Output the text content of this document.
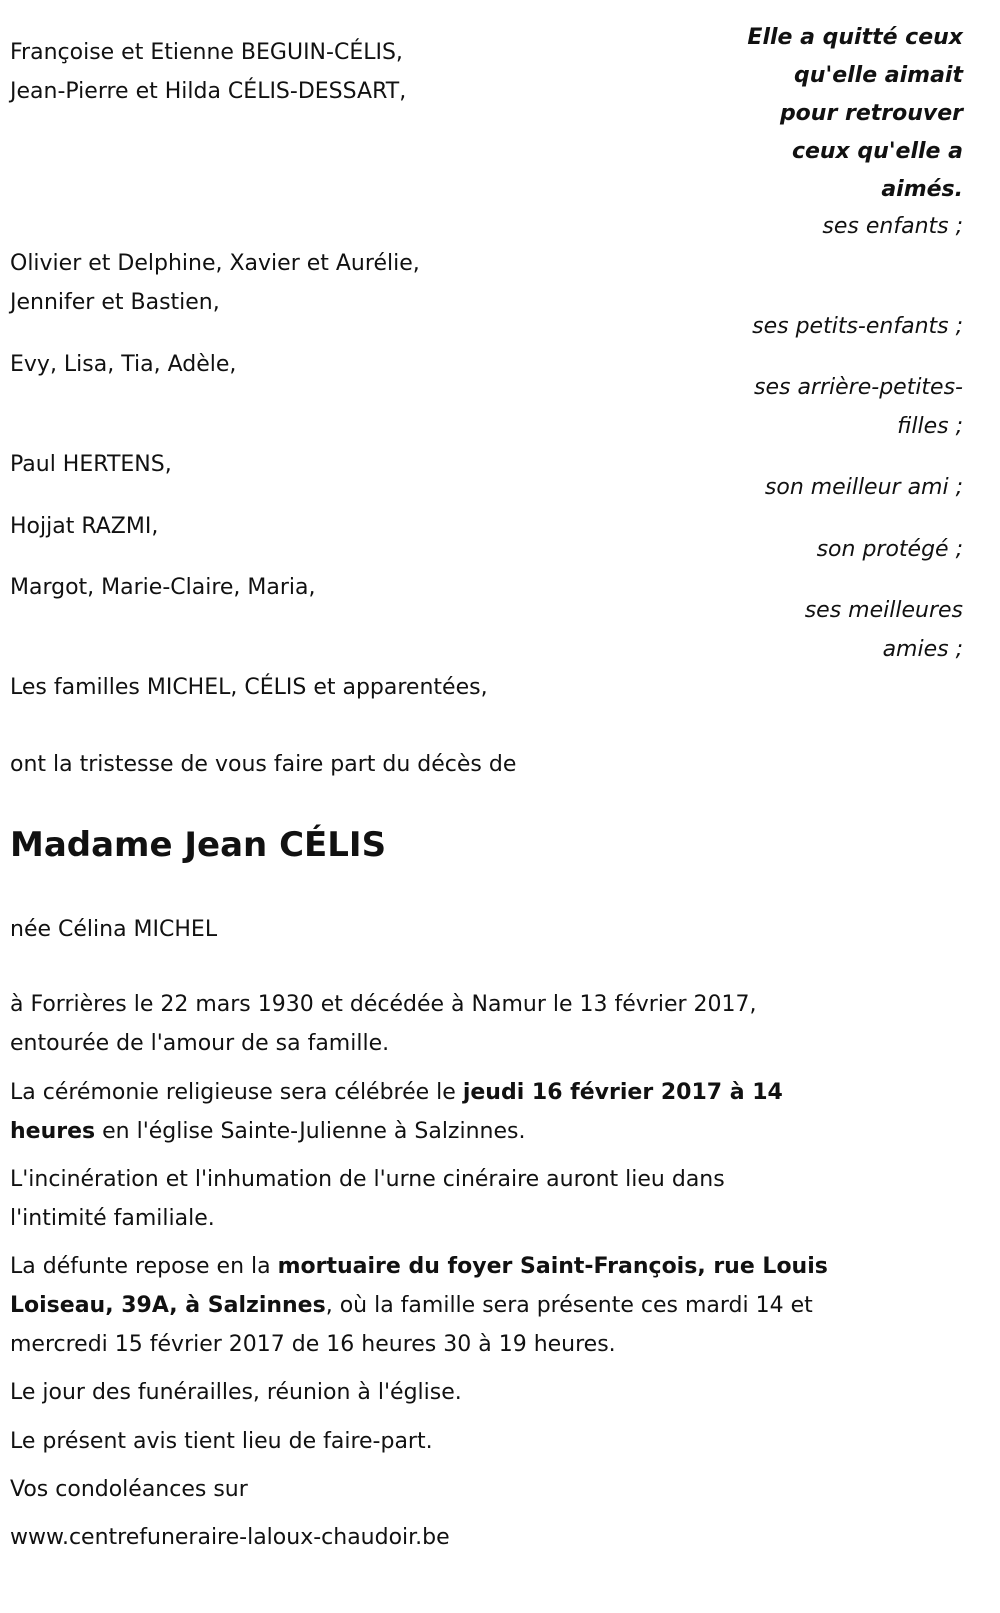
Elle a quitté ceux
qu'elle aimait
pour retrouver
ceux qu'elle a
aimés.
Françoise et Etienne BEGUIN-CÉLIS,
Jean-Pierre et Hilda CÉLIS-DESSART,
ses enfants ;
Olivier et Delphine, Xavier et Aurélie,
Jennifer et Bastien,
ses petits-enfants ;
Evy, Lisa, Tia, Adèle,
ses arrière-petites-
filles ;
Paul HERTENS,
son meilleur ami ;
Hojjat RAZMI,
son protégé ;
Margot, Marie-Claire, Maria,
ses meilleures
amies ;
Les familles MICHEL, CÉLIS et apparentées,
ont la tristesse de vous faire part du décès de
Madame Jean CÉLIS
née Célina MICHEL
à Forrières le 22 mars 1930 et décédée à Namur le 13 février 2017,
entourée de l'amour de sa famille.
La cérémonie religieuse sera célébrée le jeudi 16 février 2017 à 14
heures en l'église Sainte-Julienne à Salzinnes.
L'incinération et l'inhumation de l'urne cinéraire auront lieu dans
l'intimité familiale.
La défunte repose en la mortuaire du foyer Saint-François, rue Louis
Loiseau, 39A, à Salzinnes, où la famille sera présente ces mardi 14 et
mercredi 15 février 2017 de 16 heures 30 à 19 heures.
Le jour des funérailles, réunion à l'église.
Le présent avis tient lieu de faire-part.
Vos condoléances sur
www.centrefuneraire-laloux-chaudoir.be
